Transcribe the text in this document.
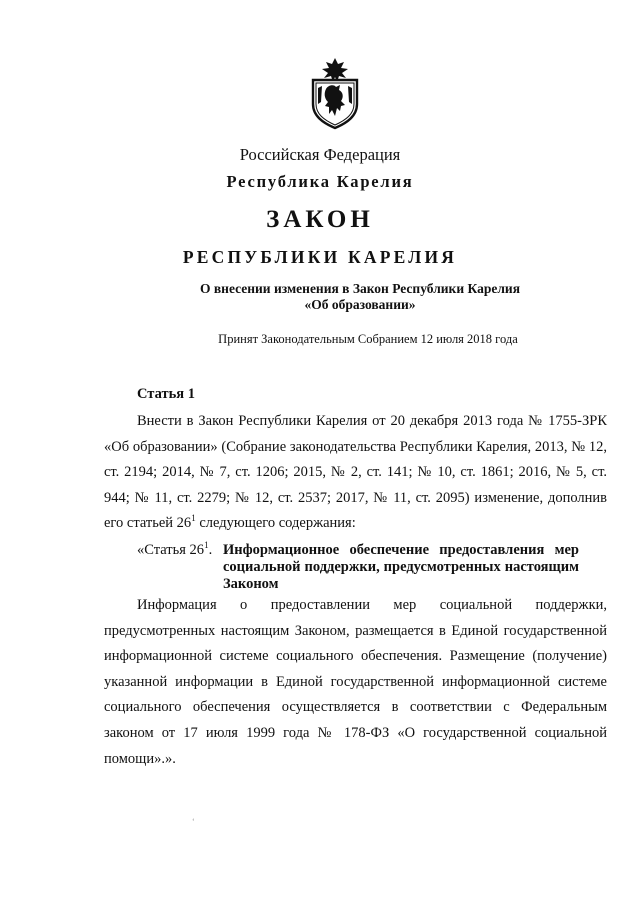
Российская Федерация
Республика Карелия
ЗАКОН
РЕСПУБЛИКИ КАРЕЛИЯ
О внесении изменения в Закон Республики Карелия
«Об образовании»
Принят Законодательным Собранием 12 июля 2018 года
Статья 1
Внести в Закон Республики Карелия от 20 декабря 2013 года № 1755-ЗРК «Об образовании» (Собрание законодательства Республики Карелия, 2013, № 12, ст. 2194; 2014, № 7, ст. 1206; 2015, № 2, ст. 141; № 10, ст. 1861; 2016, № 5, ст. 944; № 11, ст. 2279; № 12, ст. 2537; 2017, № 11, ст. 2095) изменение, дополнив его статьей $26^1$ следующего содержания:
«Статья $26^1$. Информационное обеспечение предоставления мер социальной поддержки, предусмотренных настоящим Законом
Информация о предоставлении мер социальной поддержки, предусмотренных настоящим Законом, размещается в Единой государственной информационной системе социального обеспечения. Размещение (получение) указанной информации в Единой государственной информационной системе социального обеспечения осуществляется в соответствии с Федеральным законом от 17 июля 1999 года № 178-ФЗ «О государственной социальной помощи».».
ʻ
